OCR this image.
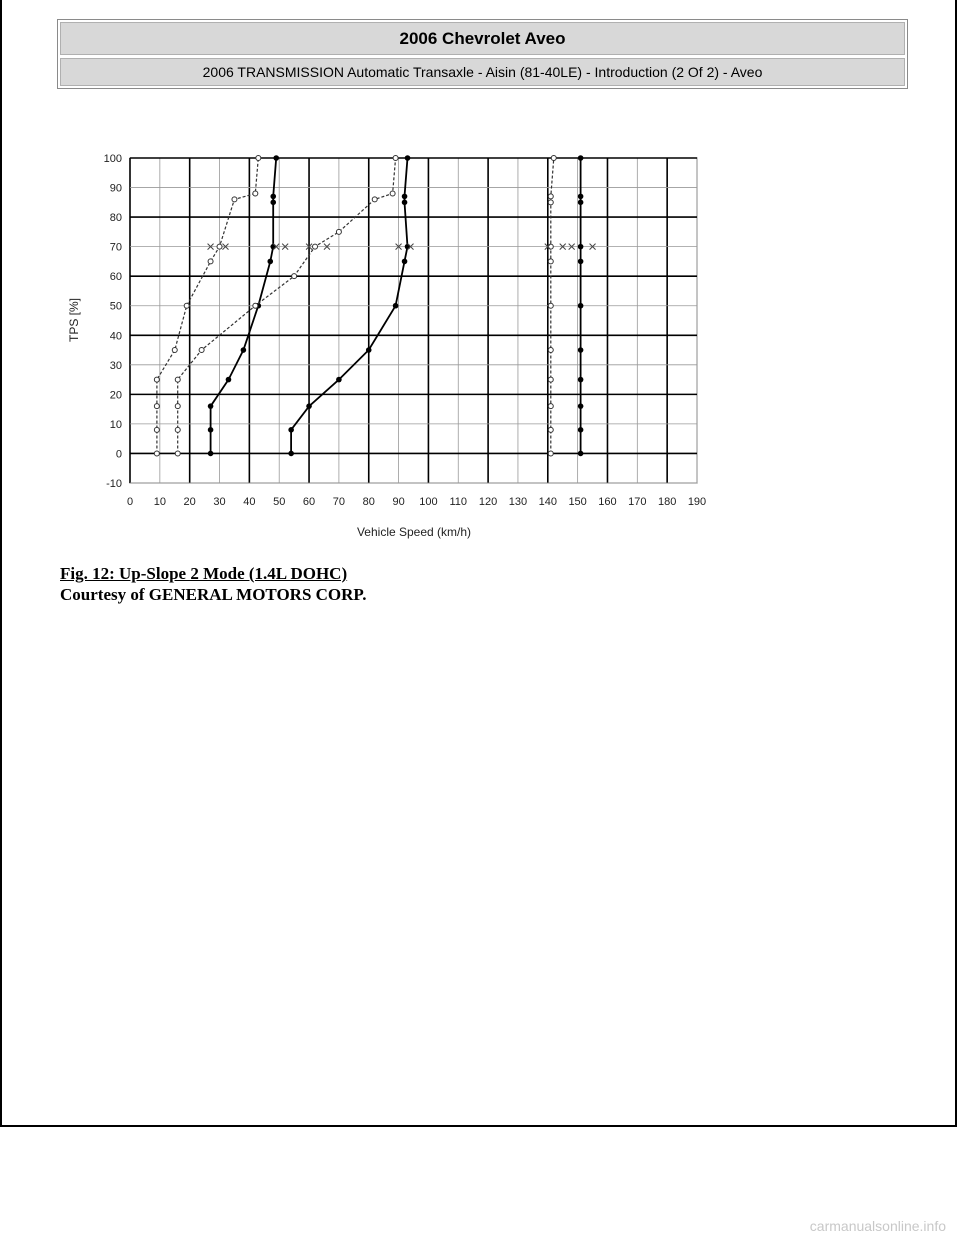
2006 Chevrolet Aveo
2006 TRANSMISSION Automatic Transaxle - Aisin (81-40LE) - Introduction (2 Of 2) - Aveo
0 10 20 30 40 50 60 70 80 90 100 110 120 130 140 150 160 170 180 190
-10
0
10
20
30
40
50
60
70
80
90
100
Vehicle Speed (km/h)
TPS [%]
Fig. 12: Up-Slope 2 Mode (1.4L DOHC)
Courtesy of GENERAL MOTORS CORP.
carmanualsonline.info
